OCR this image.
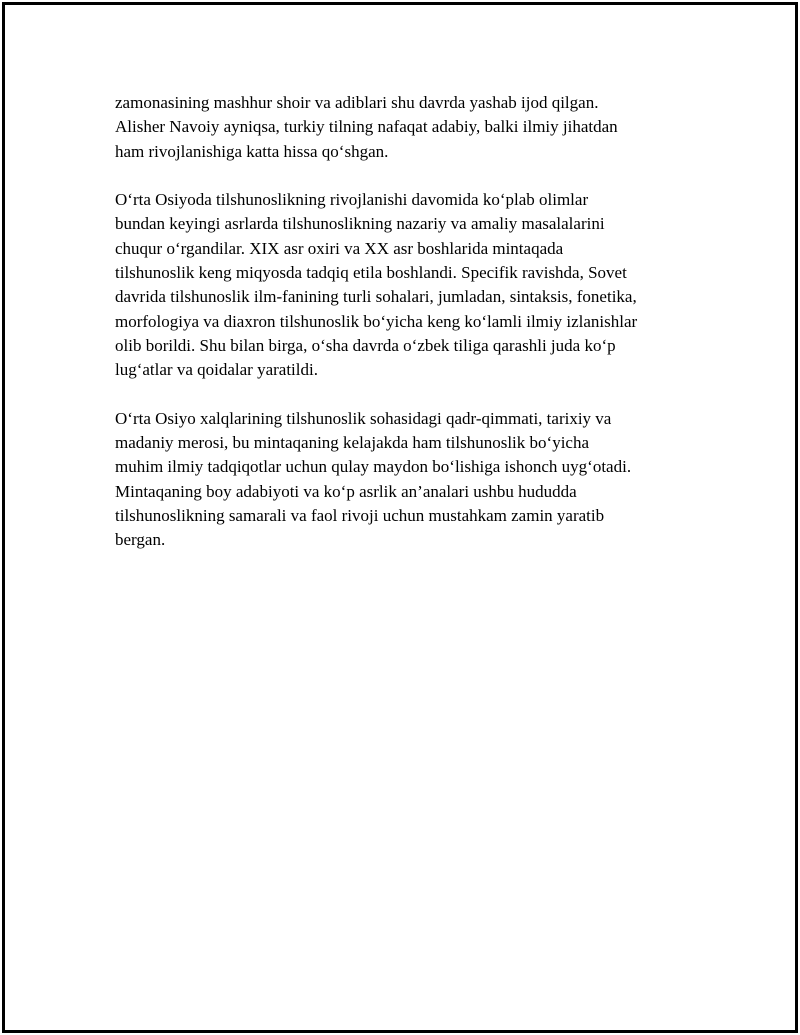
zamonasining mashhur shoir va adiblari shu davrda yashab ijod qilgan.
Alisher Navoiy ayniqsa, turkiy tilning nafaqat adabiy, balki ilmiy jihatdan
ham rivojlanishiga katta hissa qo‘shgan.

O‘rta Osiyoda tilshunoslikning rivojlanishi davomida ko‘plab olimlar
bundan keyingi asrlarda tilshunoslikning nazariy va amaliy masalalarini
chuqur o‘rgandilar. XIX asr oxiri va XX asr boshlarida mintaqada
tilshunoslik keng miqyosda tadqiq etila boshlandi. Specifik ravishda, Sovet
davrida tilshunoslik ilm-fanining turli sohalari, jumladan, sintaksis, fonetika,
morfologiya va diaxron tilshunoslik bo‘yicha keng ko‘lamli ilmiy izlanishlar
olib borildi. Shu bilan birga, o‘sha davrda o‘zbek tiliga qarashli juda ko‘p
lug‘atlar va qoidalar yaratildi.

O‘rta Osiyo xalqlarining tilshunoslik sohasidagi qadr-qimmati, tarixiy va
madaniy merosi, bu mintaqaning kelajakda ham tilshunoslik bo‘yicha
muhim ilmiy tadqiqotlar uchun qulay maydon bo‘lishiga ishonch uyg‘otadi.
Mintaqaning boy adabiyoti va ko‘p asrlik an’analari ushbu hududda
tilshunoslikning samarali va faol rivoji uchun mustahkam zamin yaratib
bergan.
